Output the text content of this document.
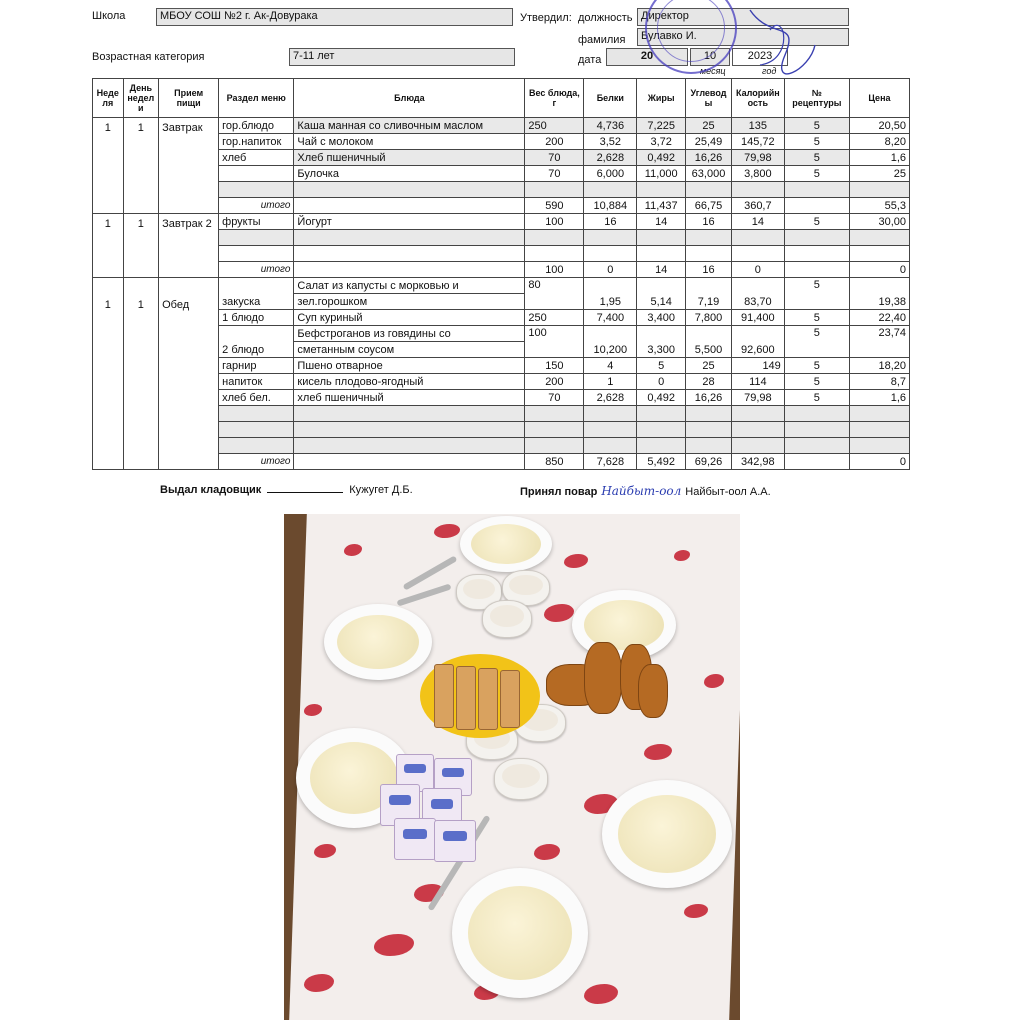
Школа	МБОУ СОШ №2 г. Ак-Довурака	Утвердил: должность Директор
фамилия	Булавко И.
Возрастная категория	7-11 лет	дата	20	10	2023
месяц	год
Неде ля	День недел и	Прием пищи	Раздел меню	Блюда	Вес блюда, г	Белки	Жиры	Углевод ы	Калорийн ость	№ рецептуры	Цена
1	1	Завтрак	гор.блюдо	Каша манная со сливочным маслом	250	4,736	7,225	25	135	5	20,50
			гор.напиток	Чай с молоком	200	3,52	3,72	25,49	145,72	5	8,20
			хлеб	Хлеб пшеничный	70	2,628	0,492	16,26	79,98	5	1,6
				Булочка	70	6,000	11,000	63,000	3,800	5	25

			итого		590	10,884	11,437	66,75	360,7		55,3
1	1	Завтрак 2	фрукты	Йогурт	100	16	14	16	14	5	30,00

			итого		100	0	14	16	0		0
1	1	Обед	закуска	Салат из капусты с морковью и	80	1,95	5,14	7,19	83,70	5	19,38
				зел.горошком							
			1 блюдо	Суп куриный	250	7,400	3,400	7,800	91,400	5	22,40
			2 блюдо	Бефстроганов из говядины со	100	10,200	3,300	5,500	92,600	5	23,74
				сметанным соусом							
			гарнир	Пшено отварное	150	4	5	25	149	5	18,20
			напиток	кисель плодово-ягодный	200	1	0	28	114	5	8,7
			хлеб бел.	хлеб пшеничный	70	2,628	0,492	16,26	79,98	5	1,6

			итого		850	7,628	5,492	69,26	342,98		0
Выдал кладовщик	Кужугет Д.Б.	Принял повар Найбыт-оол Найбыт-оол А.А.
